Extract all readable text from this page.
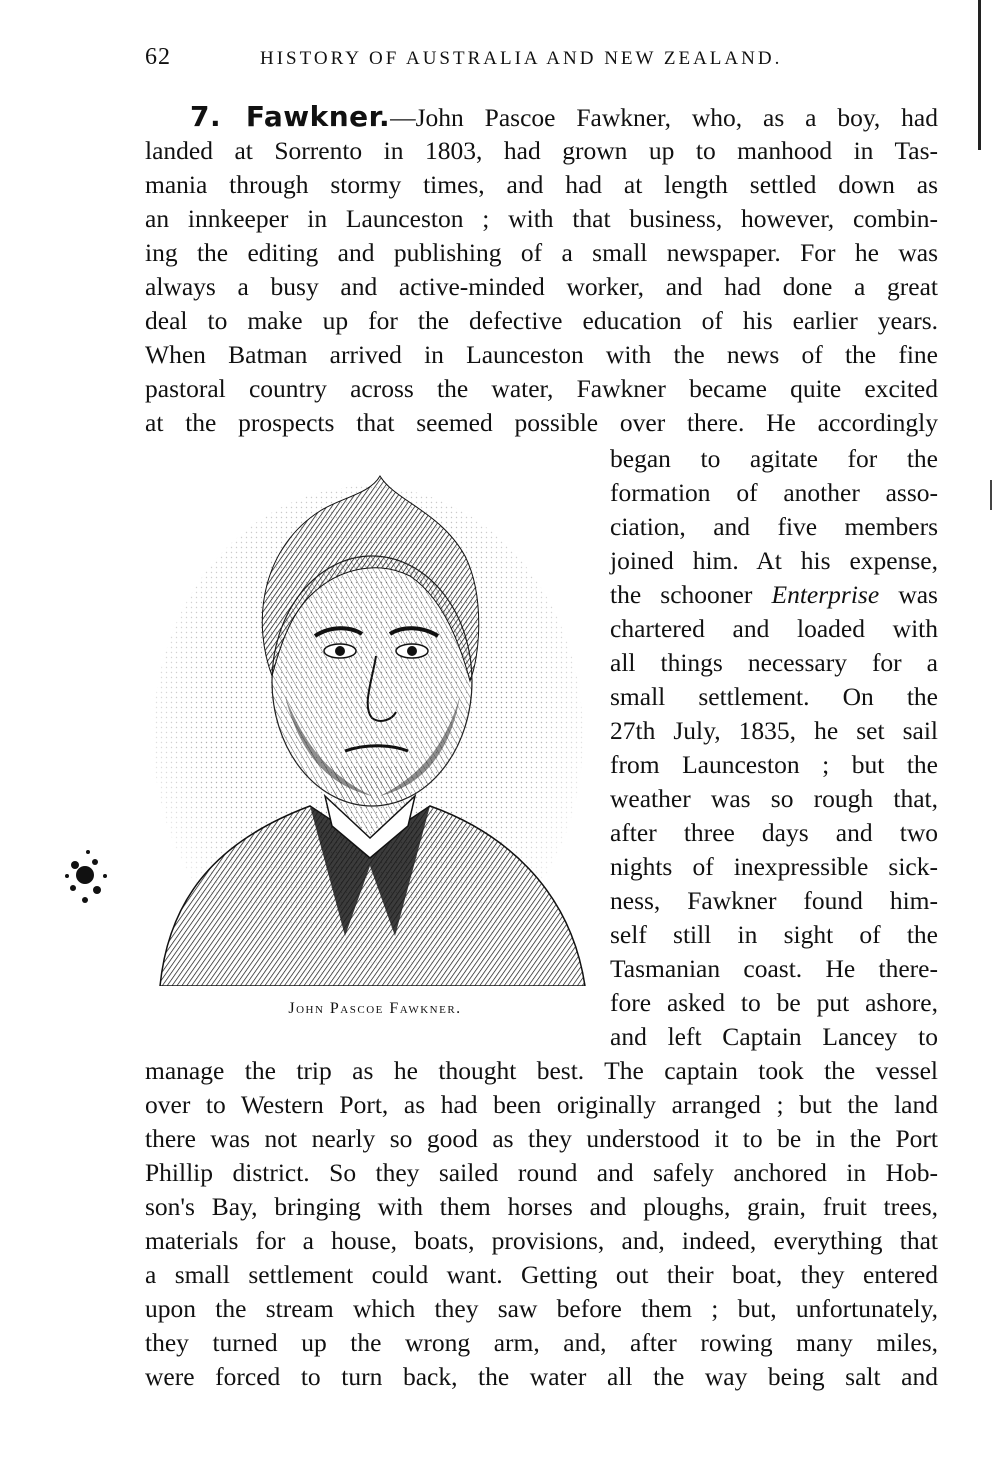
62	HISTORY OF AUSTRALIA AND NEW ZEALAND.
7. Fawkner.—John Pascoe Fawkner, who, as a boy, had
landed at Sorrento in 1803, had grown up to manhood in Tas-
mania through stormy times, and had at length settled down as
an innkeeper in Launceston ; with that business, however, combin-
ing the editing and publishing of a small newspaper. For he was
always a busy and active-minded worker, and had done a great
deal to make up for the defective education of his earlier years.
When Batman arrived in Launceston with the news of the fine
pastoral country across the water, Fawkner became quite excited
at the prospects that seemed possible over there. He accordingly
began to agitate for the
formation of another asso-
ciation, and five members
joined him. At his expense,
the schooner Enterprise was
chartered and loaded with
all things necessary for a
small settlement. On the
27th July, 1835, he set sail
from Launceston ; but the
weather was so rough that,
after three days and two
nights of inexpressible sick-
ness, Fawkner found him-
self still in sight of the
Tasmanian coast. He there-
fore asked to be put ashore,
and left Captain Lancey to
John Pascoe Fawkner.
manage the trip as he thought best. The captain took the vessel
over to Western Port, as had been originally arranged ; but the land
there was not nearly so good as they understood it to be in the Port
Phillip district. So they sailed round and safely anchored in Hob-
son's Bay, bringing with them horses and ploughs, grain, fruit trees,
materials for a house, boats, provisions, and, indeed, everything that
a small settlement could want. Getting out their boat, they entered
upon the stream which they saw before them ; but, unfortunately,
they turned up the wrong arm, and, after rowing many miles,
were forced to turn back, the water all the way being salt and
